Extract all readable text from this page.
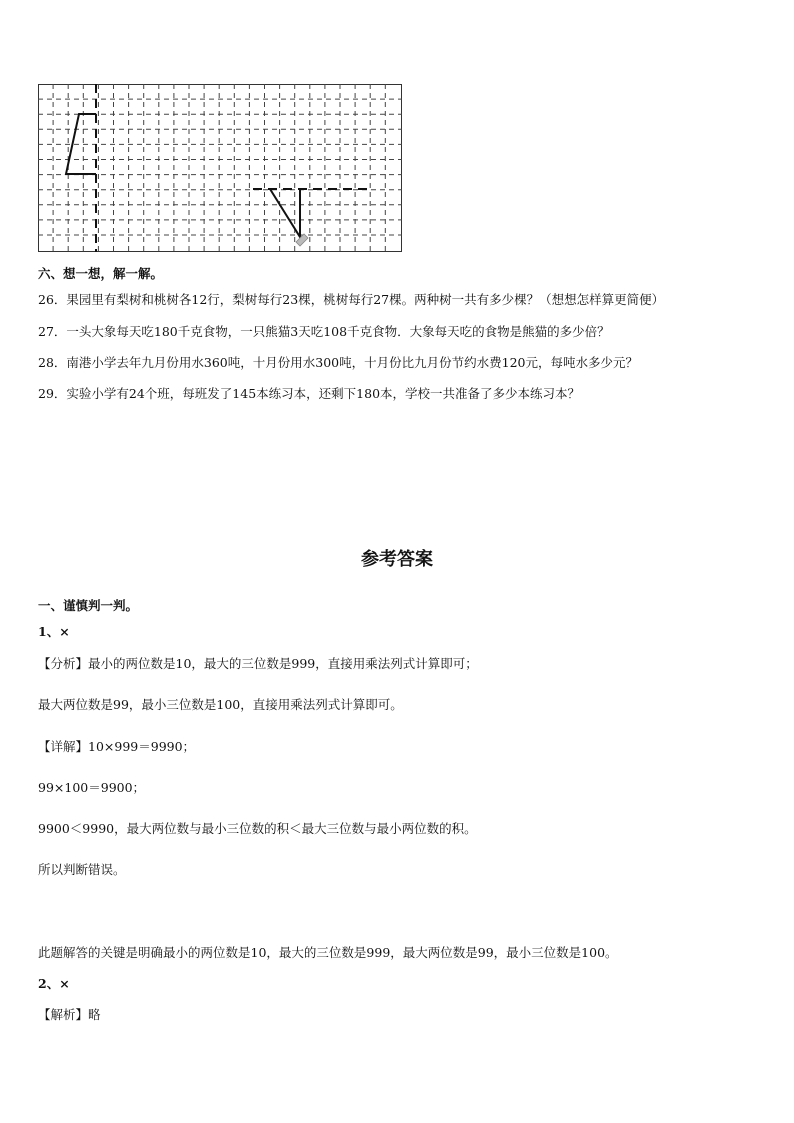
六、想一想，解一解。
26．果园里有梨树和桃树各12行，梨树每行23棵，桃树每行27棵。两种树一共有多少棵？（想想怎样算更简便）
27．一头大象每天吃180千克食物，一只熊猫3天吃108千克食物．大象每天吃的食物是熊猫的多少倍？
28．南港小学去年九月份用水360吨，十月份用水300吨，十月份比九月份节约水费120元，每吨水多少元？
29．实验小学有24个班，每班发了145本练习本，还剩下180本，学校一共准备了多少本练习本？
参考答案
一、谨慎判一判。
1、×
【分析】最小的两位数是10，最大的三位数是999，直接用乘法列式计算即可；
最大两位数是99，最小三位数是100，直接用乘法列式计算即可。
【详解】10×999＝9990；
99×100＝9900；
9900＜9990，最大两位数与最小三位数的积＜最大三位数与最小两位数的积。
所以判断错误。
此题解答的关键是明确最小的两位数是10，最大的三位数是999，最大两位数是99，最小三位数是100。
2、×
【解析】略
